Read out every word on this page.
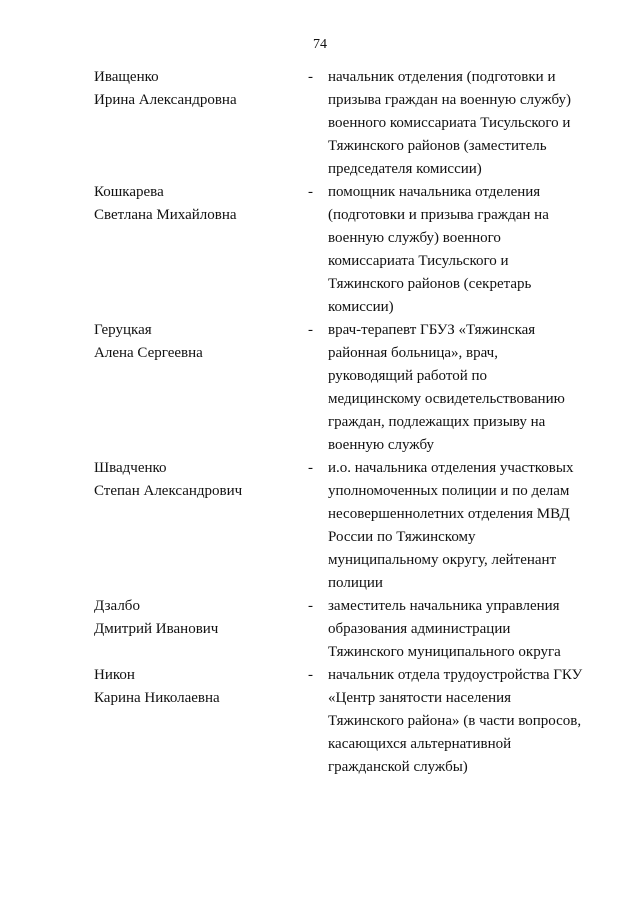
74
Иващенко
Ирина Александровна
-	начальник отделения (подготовки и
призыва граждан на военную службу)
военного комиссариата Тисульского и
Тяжинского районов (заместитель
председателя комиссии)
Кошкарева
Светлана Михайловна
-	помощник начальника отделения
(подготовки и призыва граждан на
военную службу) военного
комиссариата Тисульского и
Тяжинского районов (секретарь
комиссии)
Геруцкая
Алена Сергеевна
-	врач-терапевт ГБУЗ «Тяжинская
районная больница», врач,
руководящий работой по
медицинскому освидетельствованию
граждан, подлежащих призыву на
военную службу
Швадченко
Степан Александрович
-	и.о. начальника отделения участковых
уполномоченных полиции и по делам
несовершеннолетних отделения МВД
России по Тяжинскому
муниципальному округу, лейтенант
полиции
Дзалбо
Дмитрий Иванович
-	заместитель начальника управления
образования администрации
Тяжинского муниципального округа
Никон
Карина Николаевна
-	начальник отдела трудоустройства ГКУ
«Центр занятости населения
Тяжинского района» (в части вопросов,
касающихся альтернативной
гражданской службы)
